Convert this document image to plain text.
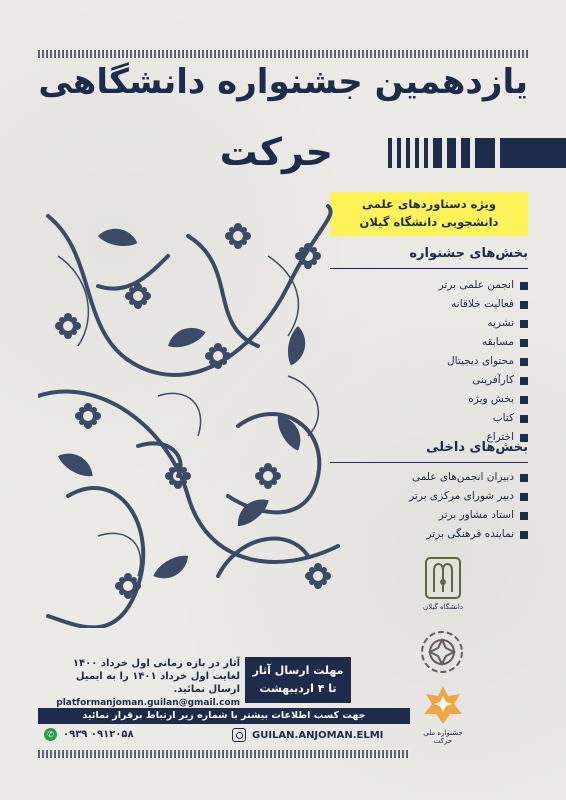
یازدهمین جشنواره دانشگاهی
حرکت
ویژه دستاوردهای علمی
دانشجویی دانشگاه گیلان
بخش‌های جشنواره
انجمن علمی برتر
فعالیت خلاقانه
نشریه
مسابقه
محتوای دیجیتال
کارآفرینی
بخش ویژه
کتاب
اختراع
بخش‌های داخلی
دبیران انجمن‌های علمی
دبیر شورای مرکزی برتر
استاد مشاور برتر
نماینده فرهنگی برتر
دانشگاه گیلان
جشنواره ملی حرکت
مهلت ارسال آثار
تا ۴ اردیبهشت
آثار در بازه زمانی اول خرداد ۱۴۰۰
لغایت اول خرداد ۱۴۰۱ را به ایمیل
ارسال نمائید. platformanjoman.guilan@gmail.com
جهت کسب اطلاعات بیشتر با شماره زیر ارتباط برقرار نمائید
GUILAN.ANJOMAN.ELMI
✆ ۰۹۳۹ ۰۹۱۲۰۵۸
